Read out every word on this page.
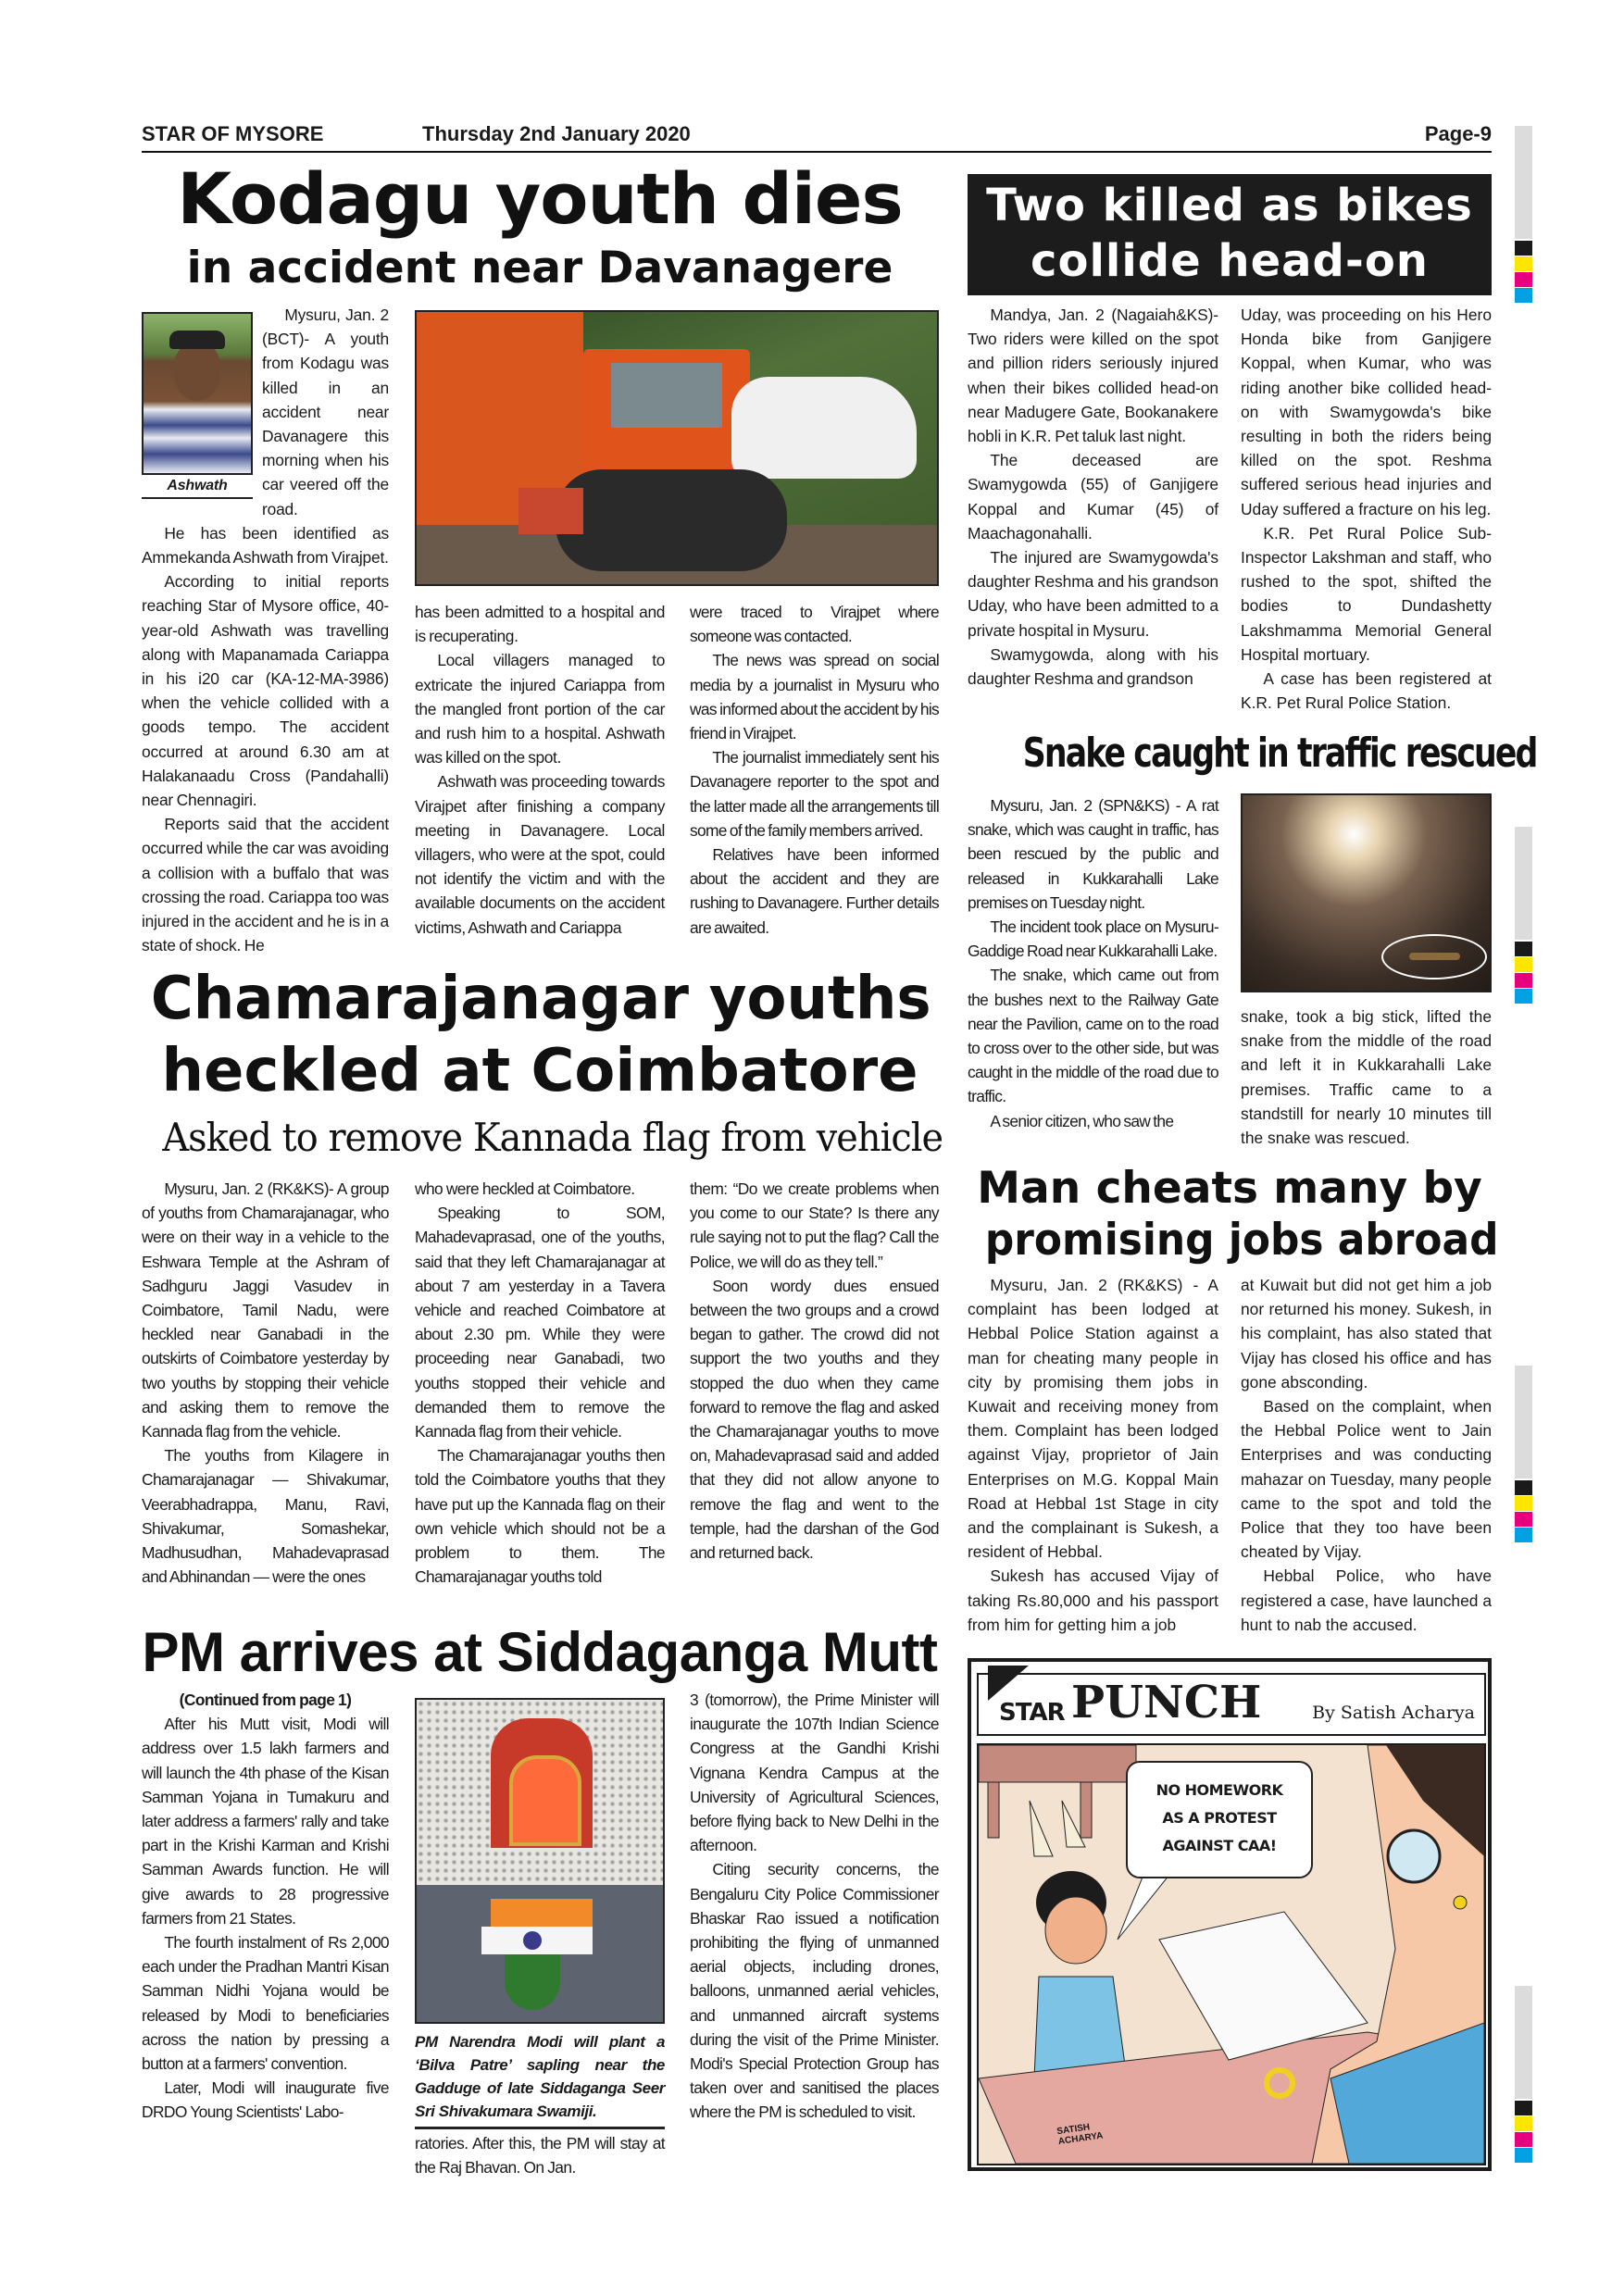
STAR OF MYSORE	Thursday 2nd January 2020	Page-9
Kodagu youth dies
in accident near Davanagere
Ashwath

Mysuru, Jan. 2 (BCT)- A youth from Kodagu was killed in an accident near Davanagere this morning when his car veered off the road.

He has been identified as Ammekanda Ashwath from Virajpet.

According to initial reports reaching Star of Mysore office, 40-year-old Ashwath was travelling along with Mapanamada Cariappa in his i20 car (KA-12-MA-3986) when the vehicle collided with a goods tempo. The accident occurred at around 6.30 am at Halakanaadu Cross (Pandahalli) near Chennagiri.

Reports said that the accident occurred while the car was avoiding a collision with a buffalo that was crossing the road. Cariappa too was injured in the accident and he is in a state of shock. He

has been admitted to a hospital and is recuperating.

Local villagers managed to extricate the injured Cariappa from the mangled front portion of the car and rush him to a hospital. Ashwath was killed on the spot.

Ashwath was proceeding towards Virajpet after finishing a company meeting in Davanagere. Local villagers, who were at the spot, could not identify the victim and with the available documents on the accident victims, Ashwath and Cariappa

were traced to Virajpet where someone was contacted.

The news was spread on social media by a journalist in Mysuru who was informed about the accident by his friend in Virajpet.

The journalist immediately sent his Davanagere reporter to the spot and the latter made all the arrangements till some of the family members arrived.

Relatives have been informed about the accident and they are rushing to Davanagere. Further details are awaited.

Two killed as bikes
collide head-on

Mandya, Jan. 2 (Nagaiah&KS)- Two riders were killed on the spot and pillion riders seriously injured when their bikes collided head-on near Madugere Gate, Bookanakere hobli in K.R. Pet taluk last night.

The deceased are Swamygowda (55) of Ganjigere Koppal and Kumar (45) of Maachagonahalli.

The injured are Swamygowda's daughter Reshma and his grandson Uday, who have been admitted to a private hospital in Mysuru.

Swamygowda, along with his daughter Reshma and grandson

Uday, was proceeding on his Hero Honda bike from Ganjigere Koppal, when Kumar, who was riding another bike collided head-on with Swamygowda's bike resulting in both the riders being killed on the spot. Reshma suffered serious head injuries and Uday suffered a fracture on his leg.

K.R. Pet Rural Police Sub-Inspector Lakshman and staff, who rushed to the spot, shifted the bodies to Dundashetty Lakshmamma Memorial General Hospital mortuary.

A case has been registered at K.R. Pet Rural Police Station.

Snake caught in traffic rescued

Mysuru, Jan. 2 (SPN&KS) - A rat snake, which was caught in traffic, has been rescued by the public and released in Kukkarahalli Lake premises on Tuesday night.

The incident took place on Mysuru-Gaddige Road near Kukkarahalli Lake.

The snake, which came out from the bushes next to the Railway Gate near the Pavilion, came on to the road to cross over to the other side, but was caught in the middle of the road due to traffic.

A senior citizen, who saw the

snake, took a big stick, lifted the snake from the middle of the road and left it in Kukkarahalli Lake premises. Traffic came to a standstill for nearly 10 minutes till the snake was rescued.

Chamarajanagar youths
heckled at Coimbatore
Asked to remove Kannada flag from vehicle

Mysuru, Jan. 2 (RK&KS)- A group of youths from Chamarajanagar, who were on their way in a vehicle to the Eshwara Temple at the Ashram of Sadhguru Jaggi Vasudev in Coimbatore, Tamil Nadu, were heckled near Ganabadi in the outskirts of Coimbatore yesterday by two youths by stopping their vehicle and asking them to remove the Kannada flag from the vehicle.

The youths from Kilagere in Chamarajanagar — Shivakumar, Veerabhadrappa, Manu, Ravi, Shivakumar, Somashekar, Madhusudhan, Mahadevaprasad and Abhinandan — were the ones

who were heckled at Coimbatore.

Speaking to SOM, Mahadevaprasad, one of the youths, said that they left Chamarajanagar at about 7 am yesterday in a Tavera vehicle and reached Coimbatore at about 2.30 pm. While they were proceeding near Ganabadi, two youths stopped their vehicle and demanded them to remove the Kannada flag from their vehicle.

The Chamarajanagar youths then told the Coimbatore youths that they have put up the Kannada flag on their own vehicle which should not be a problem to them. The Chamarajanagar youths told

them: “Do we create problems when you come to our State? Is there any rule saying not to put the flag? Call the Police, we will do as they tell.”

Soon wordy dues ensued between the two groups and a crowd began to gather. The crowd did not support the two youths and they stopped the duo when they came forward to remove the flag and asked the Chamarajanagar youths to move on, Mahadevaprasad said and added that they did not allow anyone to remove the flag and went to the temple, had the darshan of the God and returned back.

Man cheats many by
promising jobs abroad

Mysuru, Jan. 2 (RK&KS) - A complaint has been lodged at Hebbal Police Station against a man for cheating many people in city by promising them jobs in Kuwait and receiving money from them. Complaint has been lodged against Vijay, proprietor of Jain Enterprises on M.G. Koppal Main Road at Hebbal 1st Stage in city and the complainant is Sukesh, a resident of Hebbal.

Sukesh has accused Vijay of taking Rs.80,000 and his passport from him for getting him a job

at Kuwait but did not get him a job nor returned his money. Sukesh, in his complaint, has also stated that Vijay has closed his office and has gone absconding.

Based on the complaint, when the Hebbal Police went to Jain Enterprises and was conducting mahazar on Tuesday, many people came to the spot and told the Police that they too have been cheated by Vijay.

Hebbal Police, who have registered a case, have launched a hunt to nab the accused.

PM arrives at Siddaganga Mutt

(Continued from page 1)

After his Mutt visit, Modi will address over 1.5 lakh farmers and will launch the 4th phase of the Kisan Samman Yojana in Tumakuru and later address a farmers' rally and take part in the Krishi Karman and Krishi Samman Awards function. He will give awards to 28 progressive farmers from 21 States.

The fourth instalment of Rs 2,000 each under the Pradhan Mantri Kisan Samman Nidhi Yojana would be released by Modi to beneficiaries across the nation by pressing a button at a farmers' convention.

Later, Modi will inaugurate five DRDO Young Scientists' Labo-

PM Narendra Modi will plant a ‘Bilva Patre’ sapling near the Gadduge of late Siddaganga Seer Sri Shivakumara Swamiji.

ratories. After this, the PM will stay at the Raj Bhavan. On Jan.

3 (tomorrow), the Prime Minister will inaugurate the 107th Indian Science Congress at the Gandhi Krishi Vignana Kendra Campus at the University of Agricultural Sciences, before flying back to New Delhi in the afternoon.

Citing security concerns, the Bengaluru City Police Commissioner Bhaskar Rao issued a notification prohibiting the flying of unmanned aerial objects, including drones, balloons, unmanned aerial vehicles, and unmanned aircraft systems during the visit of the Prime Minister. Modi's Special Protection Group has taken over and sanitised the places where the PM is scheduled to visit.

STAR PUNCH	By Satish Acharya
NO HOMEWORK
AS A PROTEST
AGAINST CAA!
SATISH ACHARYA
